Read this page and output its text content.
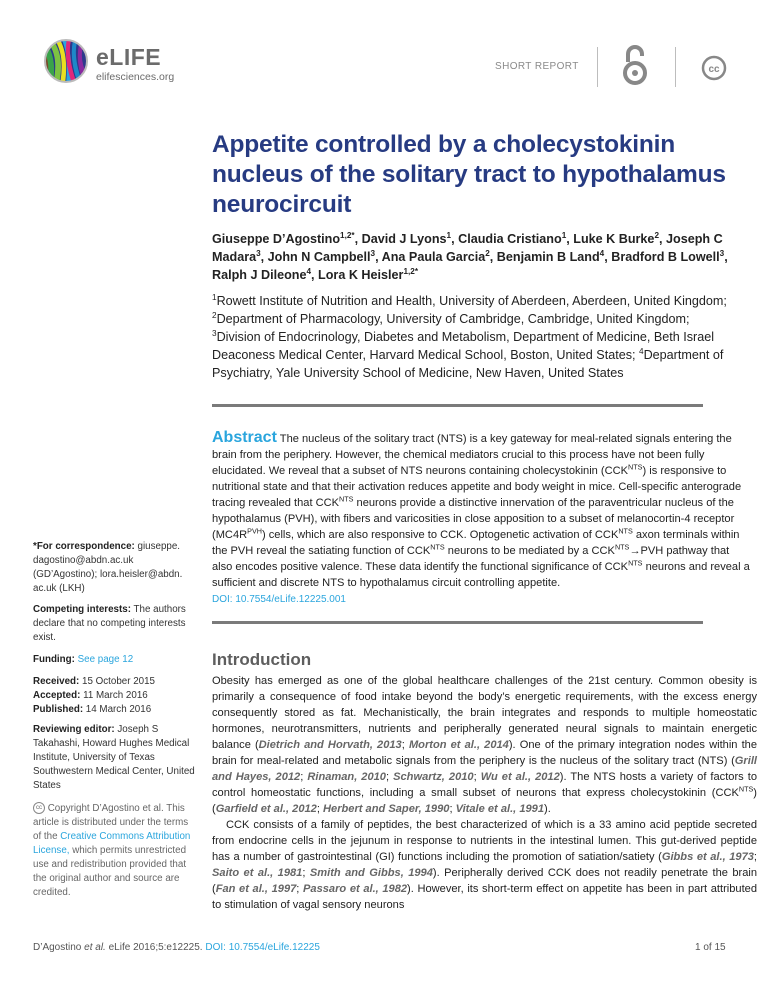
eLIFE
elifesciences.org
SHORT REPORT	cc
Appetite controlled by a cholecystokinin nucleus of the solitary tract to hypothalamus neurocircuit
Giuseppe D’Agostino$^{1,2*}$, David J Lyons$^1$, Claudia Cristiano$^1$, Luke K Burke$^2$, Joseph C Madara$^3$, John N Campbell$^3$, Ana Paula Garcia$^2$, Benjamin B Land$^4$, Bradford B Lowell$^3$, Ralph J Dileone$^4$, Lora K Heisler$^{1,2*}$
$^1$Rowett Institute of Nutrition and Health, University of Aberdeen, Aberdeen, United Kingdom; $^2$Department of Pharmacology, University of Cambridge, Cambridge, United Kingdom; $^3$Division of Endocrinology, Diabetes and Metabolism, Department of Medicine, Beth Israel Deaconess Medical Center, Harvard Medical School, Boston, United States; $^4$Department of Psychiatry, Yale University School of Medicine, New Haven, United States
Abstract The nucleus of the solitary tract (NTS) is a key gateway for meal-related signals entering the brain from the periphery. However, the chemical mediators crucial to this process have not been fully elucidated. We reveal that a subset of NTS neurons containing cholecystokinin $(CCK^{NTS})$ is responsive to nutritional state and that their activation reduces appetite and body weight in mice. Cell-specific anterograde tracing revealed that $CCK^{NTS}$ neurons provide a distinctive innervation of the paraventricular nucleus of the hypothalamus (PVH), with fibers and varicosities in close apposition to a subset of melanocortin-4 receptor $(MC4R^{PVH})$ cells, which are also responsive to CCK. Optogenetic activation of $CCK^{NTS}$ axon terminals within the PVH reveal the satiating function of $CCK^{NTS}$ neurons to be mediated by a $CCK^{NTS}\to PVH$ pathway that also encodes positive valence. These data identify the functional significance of $CCK^{NTS}$ neurons and reveal a sufficient and discrete NTS to hypothalamus circuit controlling appetite.
DOI: 10.7554/eLife.12225.001
*For correspondence: giuseppe. dagostino@abdn.ac.uk (GD’Agostino); lora.heisler@abdn. ac.uk (LKH)
Competing interests: The authors declare that no competing interests exist.
Funding: See page 12
Received: 15 October 2015
Accepted: 11 March 2016
Published: 14 March 2016
Reviewing editor: Joseph S Takahashi, Howard Hughes Medical Institute, University of Texas Southwestern Medical Center, United States
cc Copyright D’Agostino et al. This article is distributed under the terms of the Creative Commons Attribution License, which permits unrestricted use and redistribution provided that the original author and source are credited.
Introduction

Obesity has emerged as one of the global healthcare challenges of the 21st century. Common obesity is primarily a consequence of food intake beyond the body’s energetic requirements, with the excess energy consequently stored as fat. Mechanistically, the brain integrates and responds to multiple homeostatic hormones, neurotransmitters, nutrients and peripherally generated neural signals to maintain energetic balance (Dietrich and Horvath, 2013; Morton et al., 2014). One of the primary integration nodes within the brain for meal-related and metabolic signals from the periphery is the nucleus of the solitary tract (NTS) (Grill and Hayes, 2012; Rinaman, 2010; Schwartz, 2010; Wu et al., 2012). The NTS hosts a variety of factors to control homeostatic functions, including a small subset of neurons that express cholecystokinin $(CCK^{NTS})$ (Garfield et al., 2012; Herbert and Saper, 1990; Vitale et al., 1991).

CCK consists of a family of peptides, the best characterized of which is a 33 amino acid peptide secreted from endocrine cells in the jejunum in response to nutrients in the intestinal lumen. This gut-derived peptide has a number of gastrointestinal (GI) functions including the promotion of satiation/satiety (Gibbs et al., 1973; Saito et al., 1981; Smith and Gibbs, 1994). Peripherally derived CCK does not readily penetrate the brain (Fan et al., 1997; Passaro et al., 1982). However, its short-term effect on appetite has been in part attributed to stimulation of vagal sensory neurons

D’Agostino et al. eLife 2016;5:e12225. DOI: 10.7554/eLife.12225	1 of 15
